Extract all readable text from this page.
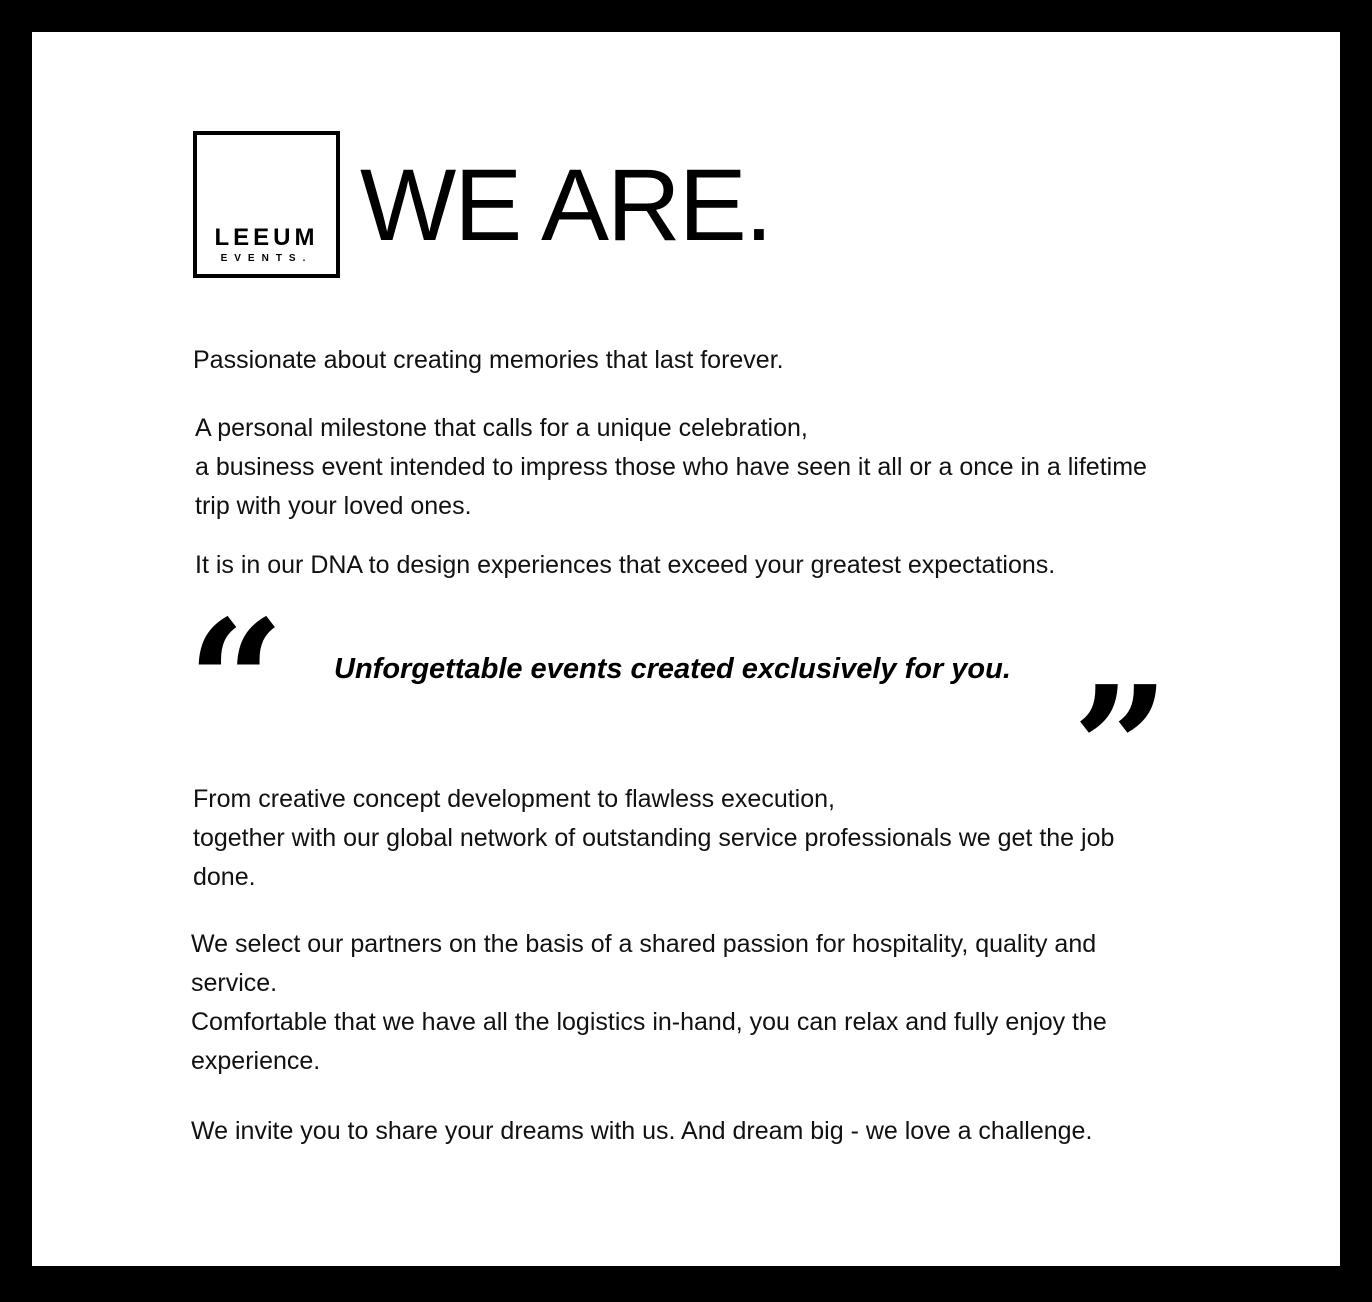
LEEUM
EVENTS. WE ARE.

Passionate about creating memories that last forever.

A personal milestone that calls for a unique celebration,
a business event intended to impress those who have seen it all or a once in a lifetime
trip with your loved ones.

It is in our DNA to design experiences that exceed your greatest expectations.

“ Unforgettable events created exclusively for you. ”

From creative concept development to flawless execution,
together with our global network of outstanding service professionals we get the job
done.

We select our partners on the basis of a shared passion for hospitality, quality and
service.
Comfortable that we have all the logistics in-hand, you can relax and fully enjoy the
experience.

We invite you to share your dreams with us. And dream big - we love a challenge.
